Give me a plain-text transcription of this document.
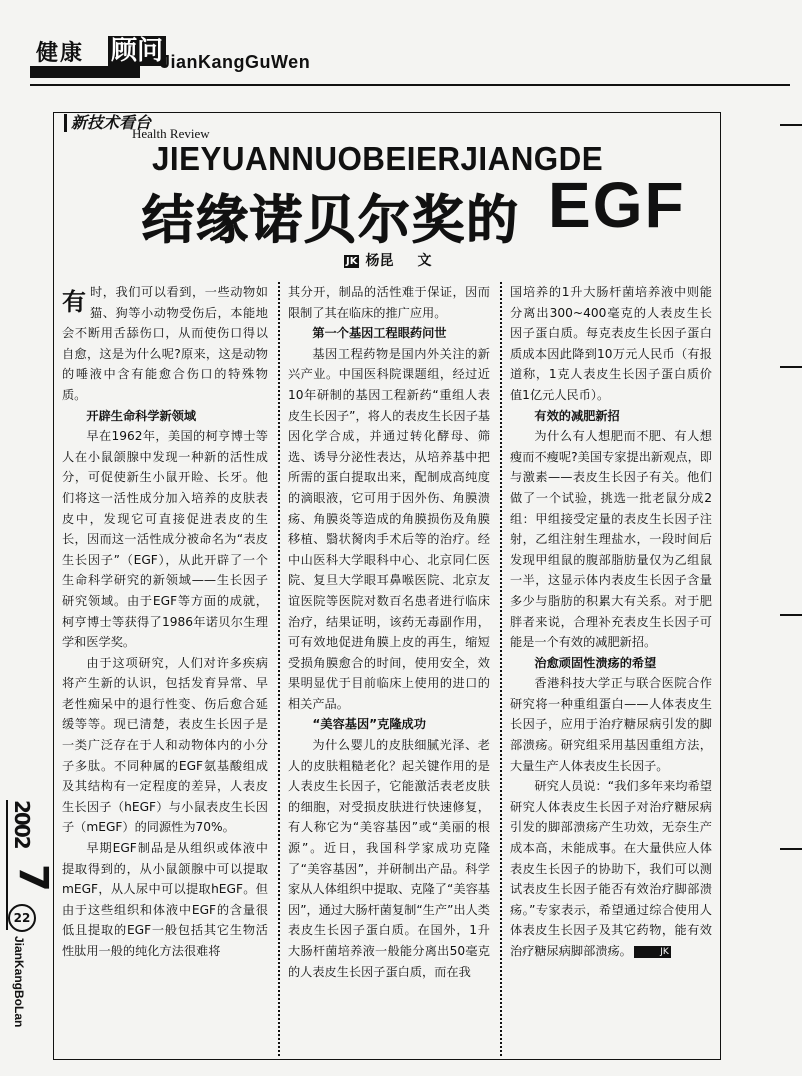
健康 顾问
JianKangGuWen
新技术看台
Health Review
JIEYUANNUOBEIERJIANGDE
结缘诺贝尔奖的 EGF
JK 杨昆 文

有时，我们可以看到，一些动物如猫、狗等小动物受伤后，本能地会不断用舌舔伤口，从而使伤口得以自愈，这是为什么呢?原来，这是动物的唾液中含有能愈合伤口的特殊物质。

开辟生命科学新领域

早在1962年，美国的柯亨博士等人在小鼠颌腺中发现一种新的活性成分，可促使新生小鼠开睑、长牙。他们将这一活性成分加入培养的皮肤表皮中，发现它可直接促进表皮的生长，因而这一活性成分被命名为“表皮生长因子”（EGF），从此开辟了一个生命科学研究的新领域——生长因子研究领域。由于EGF等方面的成就，柯亨博士等获得了1986年诺贝尔生理学和医学奖。

由于这项研究，人们对许多疾病将产生新的认识，包括发育异常、早老性痴呆中的退行性变、伤后愈合延缓等等。现已清楚，表皮生长因子是一类广泛存在于人和动物体内的小分子多肽。不同种属的EGF氨基酸组成及其结构有一定程度的差异，人表皮生长因子（hEGF）与小鼠表皮生长因子（mEGF）的同源性为70%。

早期EGF制品是从组织或体液中提取得到的，从小鼠颌腺中可以提取mEGF，从人尿中可以提取hEGF。但由于这些组织和体液中EGF的含量很低且提取的EGF一般包括其它生物活性肽用一般的纯化方法很难将

其分开，制品的活性难于保证，因而限制了其在临床的推广应用。

第一个基因工程眼药问世

基因工程药物是国内外关注的新兴产业。中国医科院课题组，经过近10年研制的基因工程新药“重组人表皮生长因子”，将人的表皮生长因子基因化学合成，并通过转化酵母、筛选、诱导分泌性表达，从培养基中把所需的蛋白提取出来，配制成高纯度的滴眼液，它可用于因外伤、角膜溃疡、角膜炎等造成的角膜损伤及角膜移植、翳状胬肉手术后等的治疗。经中山医科大学眼科中心、北京同仁医院、复旦大学眼耳鼻喉医院、北京友谊医院等医院对数百名患者进行临床治疗，结果证明，该药无毒副作用，可有效地促进角膜上皮的再生，缩短受损角膜愈合的时间，使用安全，效果明显优于目前临床上使用的进口的相关产品。

“美容基因”克隆成功

为什么婴儿的皮肤细腻光泽、老人的皮肤粗糙老化？起关键作用的是人表皮生长因子，它能激活表老皮肤的细胞，对受损皮肤进行快速修复，有人称它为“美容基因”或“美丽的根源”。近日，我国科学家成功克隆了“美容基因”，并研制出产品。科学家从人体组织中提取、克隆了“美容基因”，通过大肠杆菌复制“生产”出人类表皮生长因子蛋白质。在国外，1升大肠杆菌培养液一般能分离出50毫克的人表皮生长因子蛋白质，而在我

国培养的1升大肠杆菌培养液中则能分离出300~400毫克的人表皮生长因子蛋白质。每克表皮生长因子蛋白质成本因此降到10万元人民币（有报道称，1克人表皮生长因子蛋白质价值1亿元人民币）。

有效的减肥新招

为什么有人想肥而不肥、有人想瘦而不瘦呢?美国专家提出新观点，即与激素——表皮生长因子有关。他们做了一个试验，挑选一批老鼠分成2组：甲组接受定量的表皮生长因子注射，乙组注射生理盐水，一段时间后发现甲组鼠的腹部脂肪量仅为乙组鼠一半，这显示体内表皮生长因子含量多少与脂肪的积累大有关系。对于肥胖者来说，合理补充表皮生长因子可能是一个有效的减肥新招。

治愈顽固性溃疡的希望

香港科技大学正与联合医院合作研究将一种重组蛋白——人体表皮生长因子，应用于治疗糖尿病引发的脚部溃疡。研究组采用基因重组方法，大量生产人体表皮生长因子。

研究人员说：“我们多年来均希望研究人体表皮生长因子对治疗糖尿病引发的脚部溃疡产生功效，无奈生产成本高，未能成事。在大量供应人体表皮生长因子的协助下，我们可以测试表皮生长因子能否有效治疗脚部溃疡。”专家表示，希望通过综合使用人体表皮生长因子及其它药物，能有效治疗糖尿病脚部溃疡。	JK

2002
7
22
JianKangBoLan
